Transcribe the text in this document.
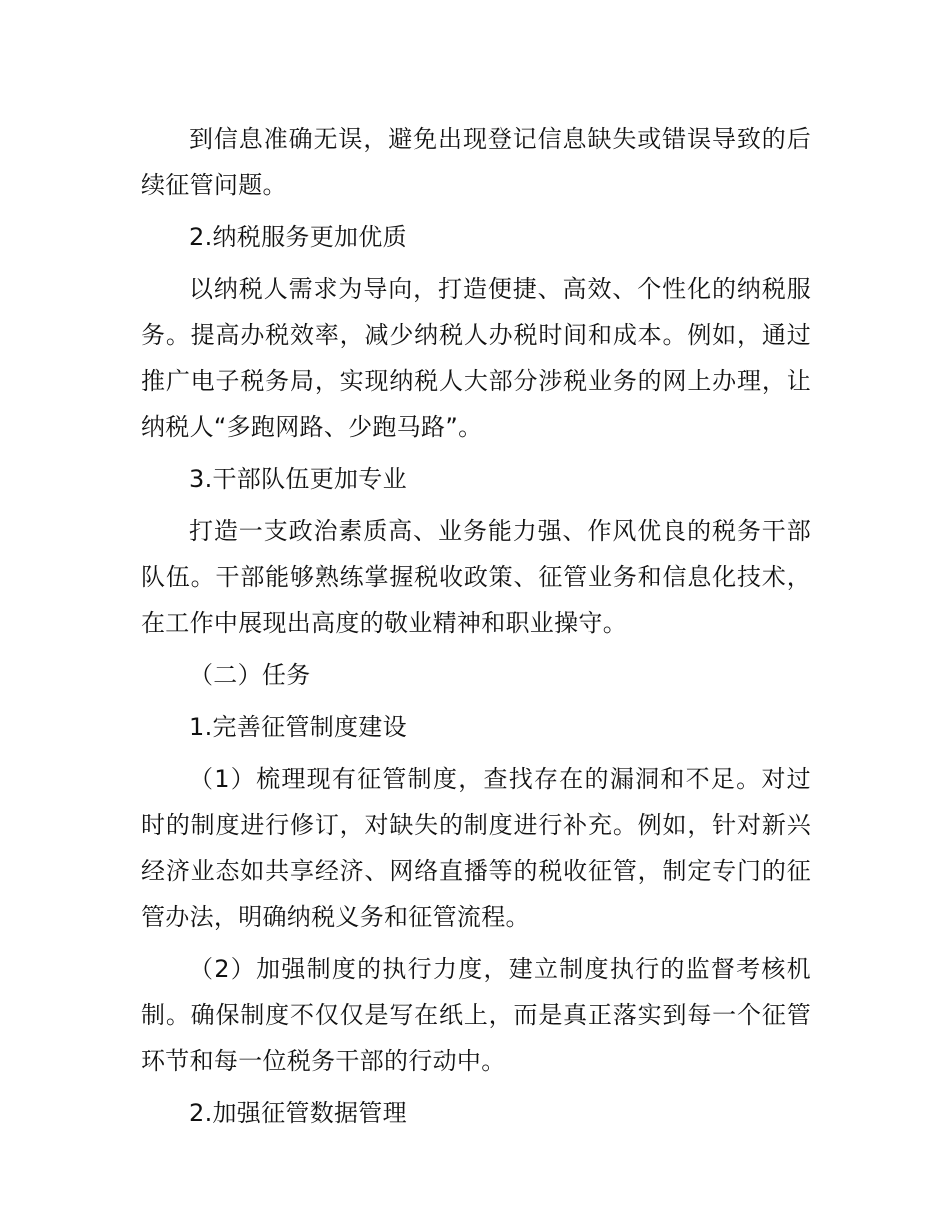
到信息准确无误，避免出现登记信息缺失或错误导致的后续征管问题。

2.纳税服务更加优质

以纳税人需求为导向，打造便捷、高效、个性化的纳税服务。提高办税效率，减少纳税人办税时间和成本。例如，通过推广电子税务局，实现纳税人大部分涉税业务的网上办理，让纳税人“多跑网路、少跑马路”。

3.干部队伍更加专业

打造一支政治素质高、业务能力强、作风优良的税务干部队伍。干部能够熟练掌握税收政策、征管业务和信息化技术，在工作中展现出高度的敬业精神和职业操守。

（二）任务

1.完善征管制度建设

（1）梳理现有征管制度，查找存在的漏洞和不足。对过时的制度进行修订，对缺失的制度进行补充。例如，针对新兴经济业态如共享经济、网络直播等的税收征管，制定专门的征管办法，明确纳税义务和征管流程。

（2）加强制度的执行力度，建立制度执行的监督考核机制。确保制度不仅仅是写在纸上，而是真正落实到每一个征管环节和每一位税务干部的行动中。

2.加强征管数据管理
